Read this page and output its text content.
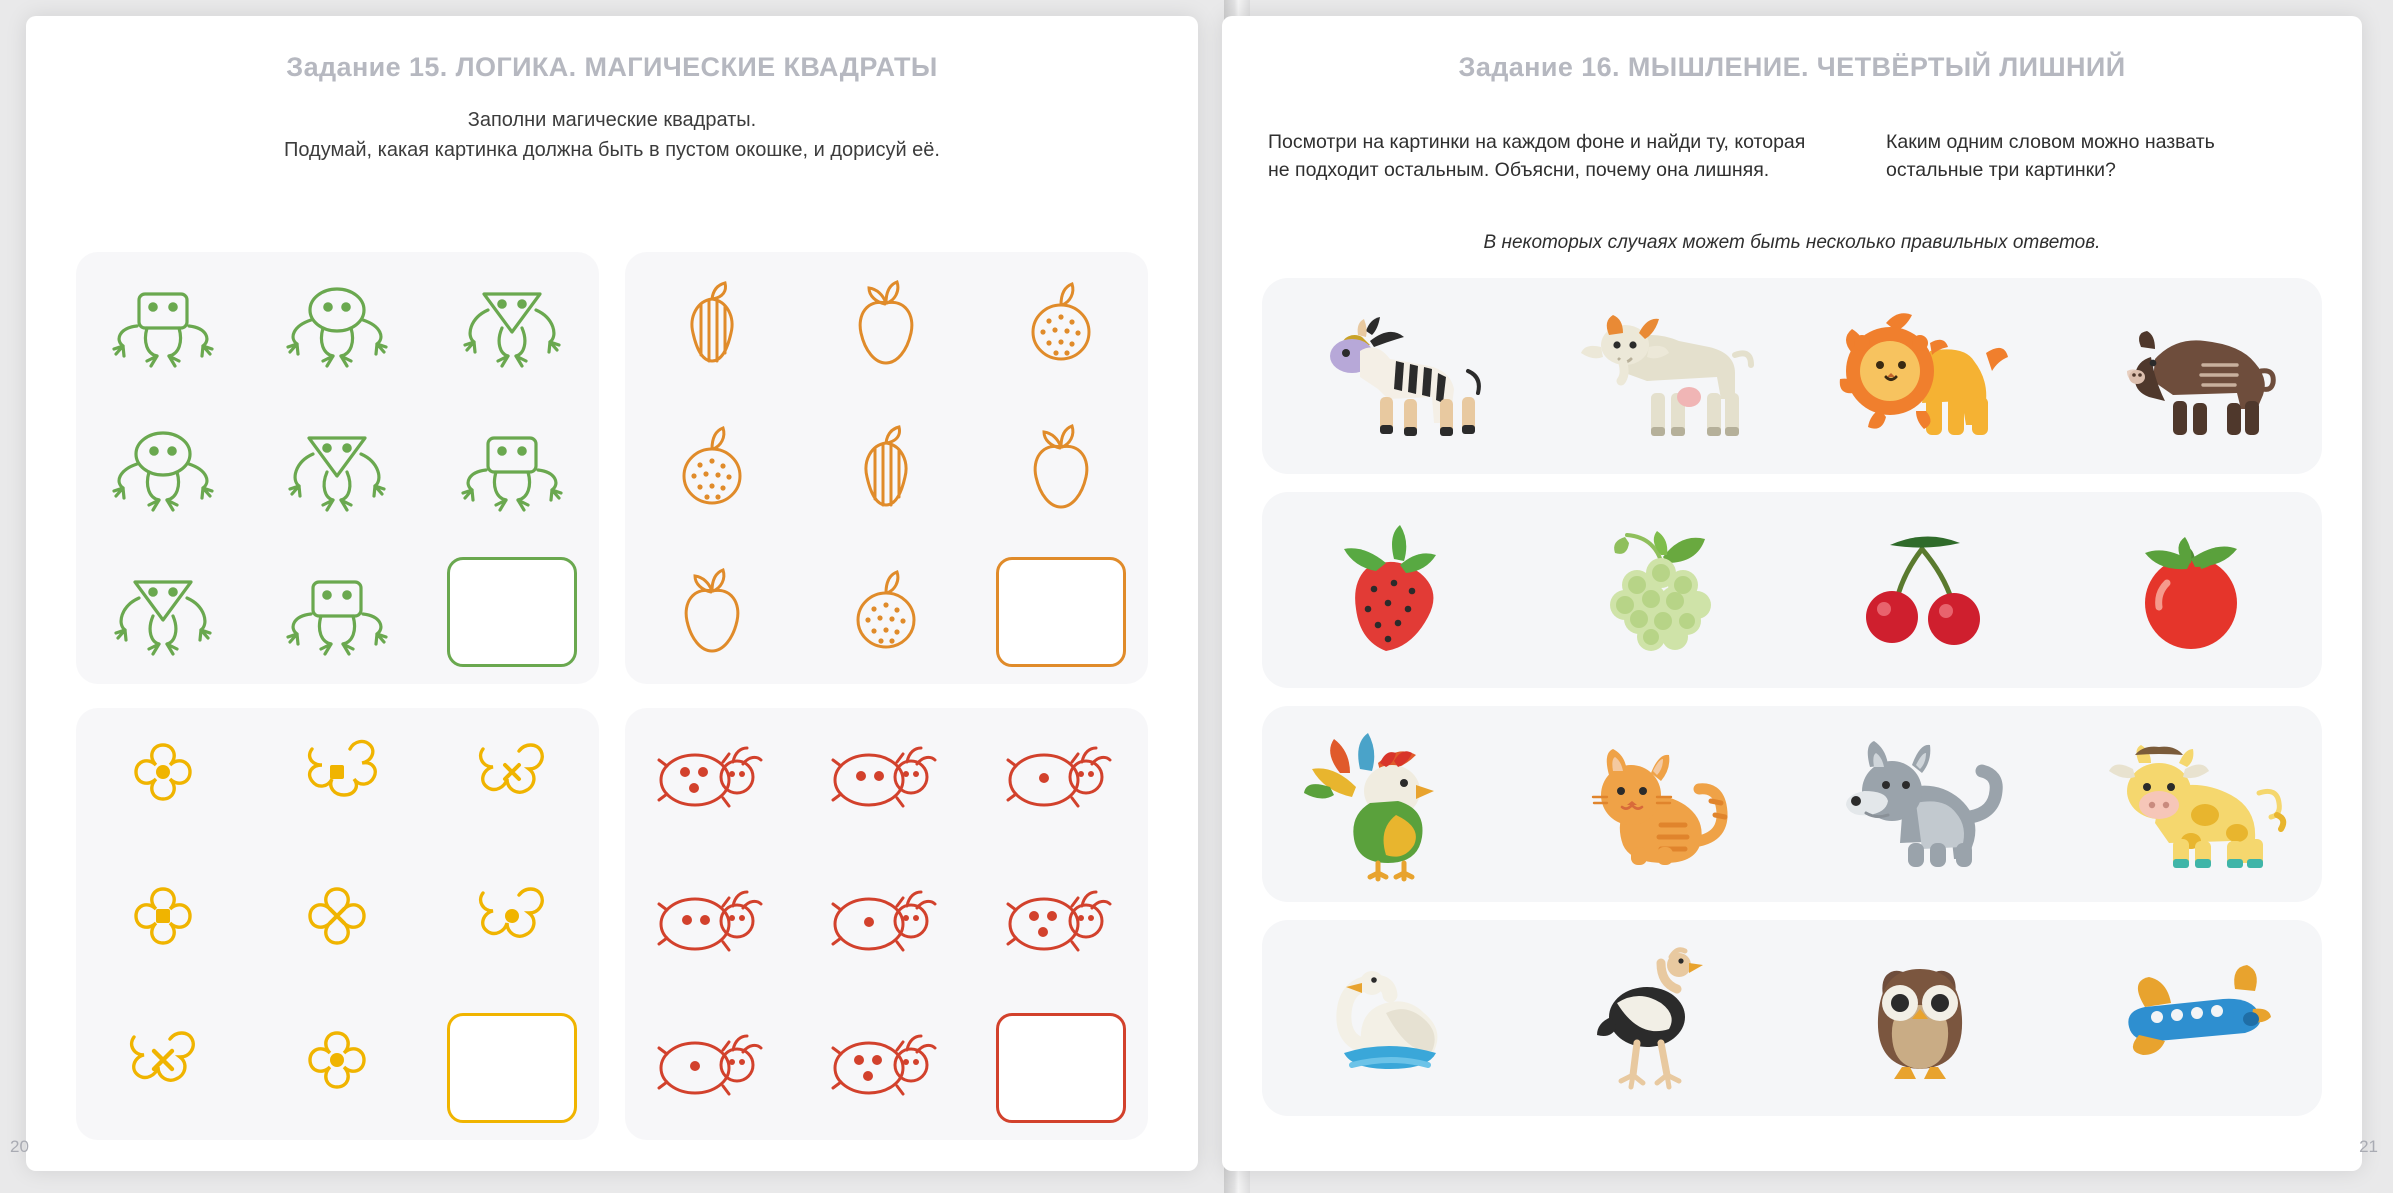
Задание 15. ЛОГИКА. МАГИЧЕСКИЕ КВАДРАТЫ
Заполни магические квадраты.
Подумай, какая картинка должна быть в пустом окошке, и дорисуй её.
20
Задание 16. МЫШЛЕНИЕ. ЧЕТВЁРТЫЙ ЛИШНИЙ
Посмотри на картинки на каждом фоне и найди ту, которая не подходит остальным. Объясни, почему она лишняя.
Каким одним словом можно назвать остальные три картинки?
В некоторых случаях может быть несколько правильных ответов.
21
